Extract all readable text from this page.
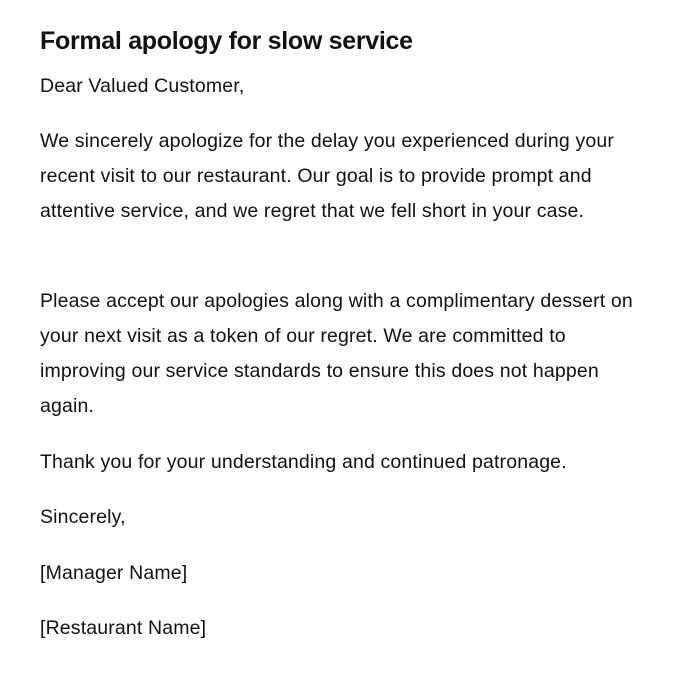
Formal apology for slow service

Dear Valued Customer,

We sincerely apologize for the delay you experienced during your recent visit to our restaurant. Our goal is to provide prompt and attentive service, and we regret that we fell short in your case.

Please accept our apologies along with a complimentary dessert on your next visit as a token of our regret. We are committed to improving our service standards to ensure this does not happen again.

Thank you for your understanding and continued patronage.

Sincerely,

[Manager Name]

[Restaurant Name]
